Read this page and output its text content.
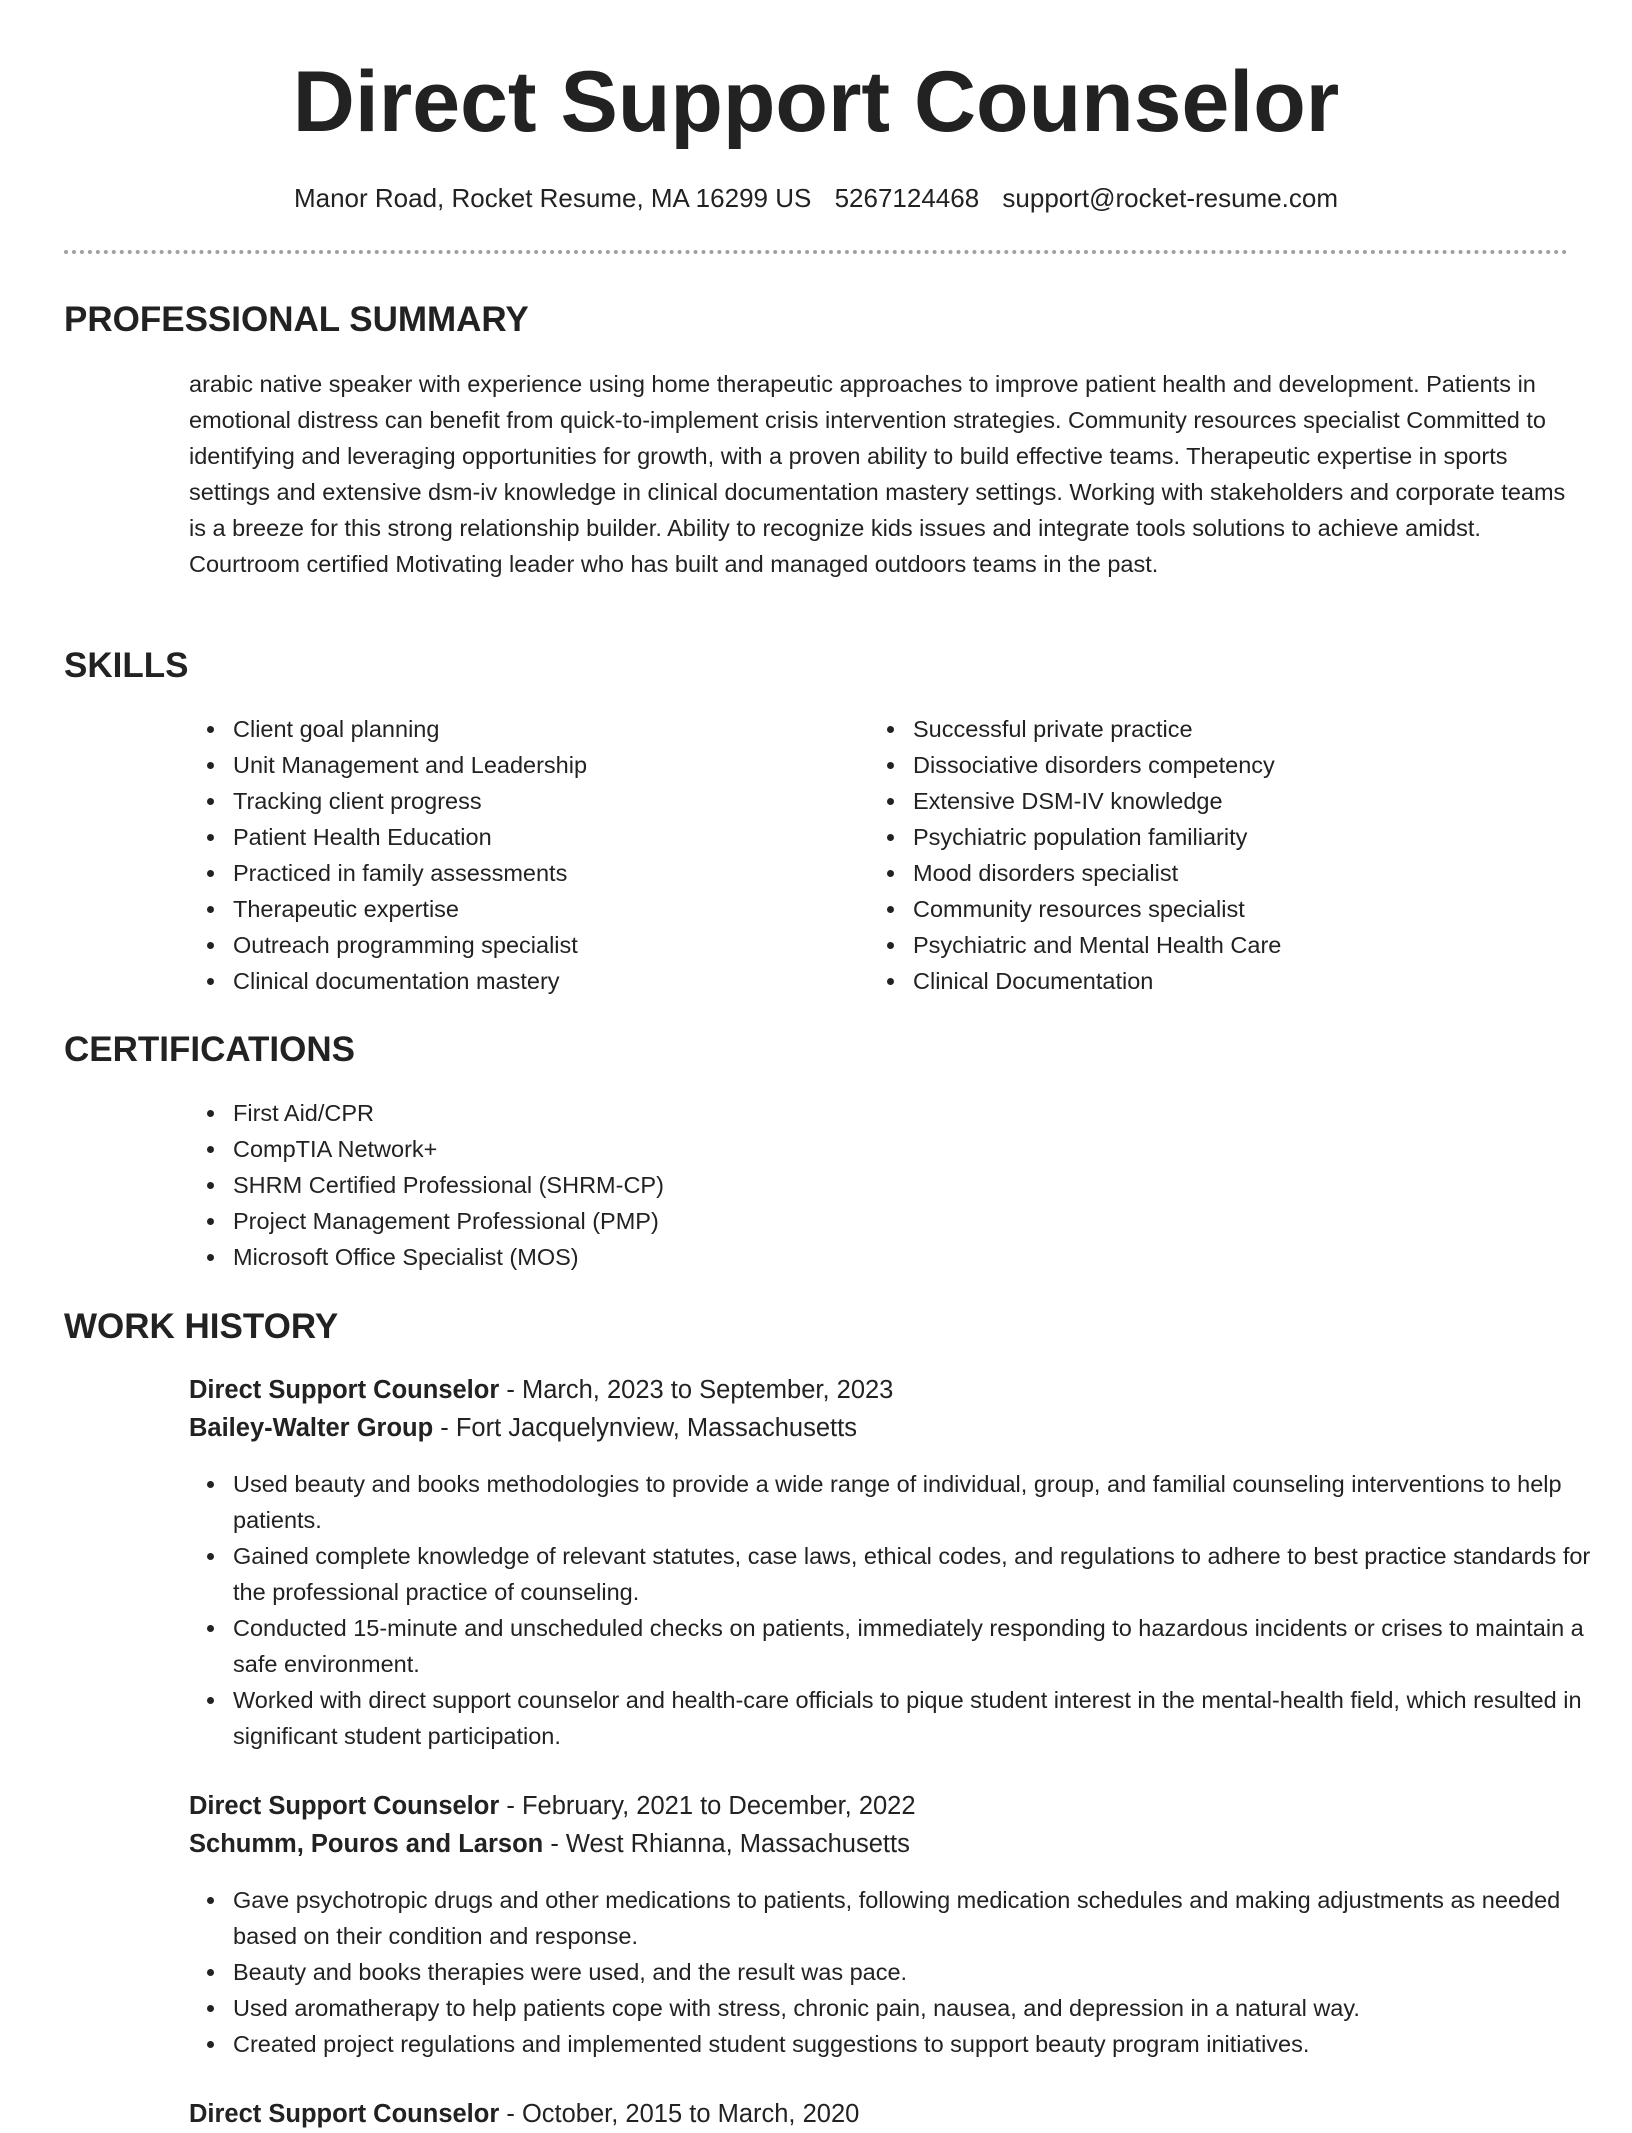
Direct Support Counselor
Manor Road, Rocket Resume, MA 16299 US 5267124468 support@rocket-resume.com
PROFESSIONAL SUMMARY
arabic native speaker with experience using home therapeutic approaches to improve patient health and development. Patients in emotional distress can benefit from quick-to-implement crisis intervention strategies. Community resources specialist Committed to identifying and leveraging opportunities for growth, with a proven ability to build effective teams. Therapeutic expertise in sports settings and extensive dsm-iv knowledge in clinical documentation mastery settings. Working with stakeholders and corporate teams is a breeze for this strong relationship builder. Ability to recognize kids issues and integrate tools solutions to achieve amidst. Courtroom certified Motivating leader who has built and managed outdoors teams in the past.
SKILLS
Client goal planning
Unit Management and Leadership
Tracking client progress
Patient Health Education
Practiced in family assessments
Therapeutic expertise
Outreach programming specialist
Clinical documentation mastery
Successful private practice
Dissociative disorders competency
Extensive DSM-IV knowledge
Psychiatric population familiarity
Mood disorders specialist
Community resources specialist
Psychiatric and Mental Health Care
Clinical Documentation
CERTIFICATIONS
First Aid/CPR
CompTIA Network+
SHRM Certified Professional (SHRM-CP)
Project Management Professional (PMP)
Microsoft Office Specialist (MOS)
WORK HISTORY
Direct Support Counselor - March, 2023 to September, 2023
Bailey-Walter Group - Fort Jacquelynview, Massachusetts
Used beauty and books methodologies to provide a wide range of individual, group, and familial counseling interventions to help patients.
Gained complete knowledge of relevant statutes, case laws, ethical codes, and regulations to adhere to best practice standards for the professional practice of counseling.
Conducted 15-minute and unscheduled checks on patients, immediately responding to hazardous incidents or crises to maintain a safe environment.
Worked with direct support counselor and health-care officials to pique student interest in the mental-health field, which resulted in significant student participation.
Direct Support Counselor - February, 2021 to December, 2022
Schumm, Pouros and Larson - West Rhianna, Massachusetts
Gave psychotropic drugs and other medications to patients, following medication schedules and making adjustments as needed based on their condition and response.
Beauty and books therapies were used, and the result was pace.
Used aromatherapy to help patients cope with stress, chronic pain, nausea, and depression in a natural way.
Created project regulations and implemented student suggestions to support beauty program initiatives.
Direct Support Counselor - October, 2015 to March, 2020
